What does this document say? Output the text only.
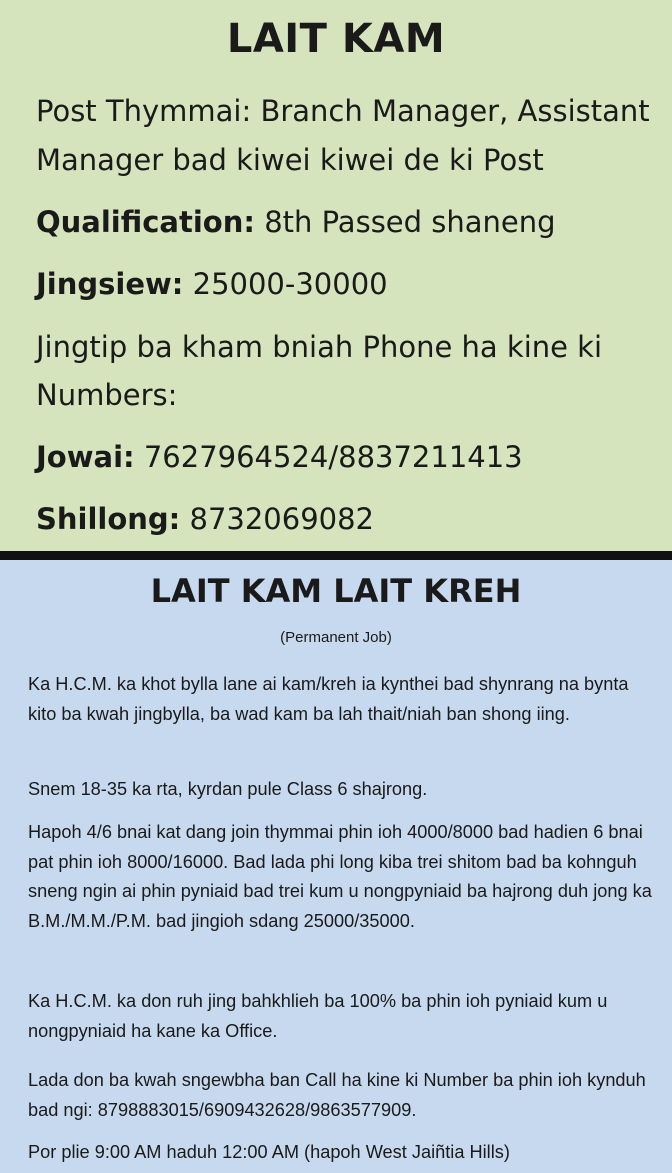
LAIT KAM
Post Thymmai: Branch Manager, Assistant
Manager bad kiwei kiwei de ki Post
Qualification: 8th Passed shaneng
Jingsiew: 25000-30000
Jingtip ba kham bniah Phone ha kine ki
Numbers:
Jowai: 7627964524/8837211413
Shillong: 8732069082
LAIT KAM LAIT KREH
(Permanent Job)
Ka H.C.M. ka khot bylla lane ai kam/kreh ia kynthei bad shynrang na bynta kito ba kwah jingbylla, ba wad kam ba lah thait/niah ban shong iing.
Snem 18-35 ka rta, kyrdan pule Class 6 shajrong.
Hapoh 4/6 bnai kat dang join thymmai phin ioh 4000/8000 bad hadien 6 bnai pat phin ioh 8000/16000. Bad lada phi long kiba trei shitom bad ba kohnguh sneng ngin ai phin pyniaid bad trei kum u nongpyniaid ba hajrong duh jong ka B.M./M.M./P.M. bad jingioh sdang 25000/35000.
Ka H.C.M. ka don ruh jing bahkhlieh ba 100% ba phin ioh pyniaid kum u nongpyniaid ha kane ka Office.
Lada don ba kwah sngewbha ban Call ha kine ki Number ba phin ioh kynduh bad ngi: 8798883015/6909432628/9863577909.
Por plie 9:00 AM haduh 12:00 AM (hapoh West Jaiñtia Hills)
